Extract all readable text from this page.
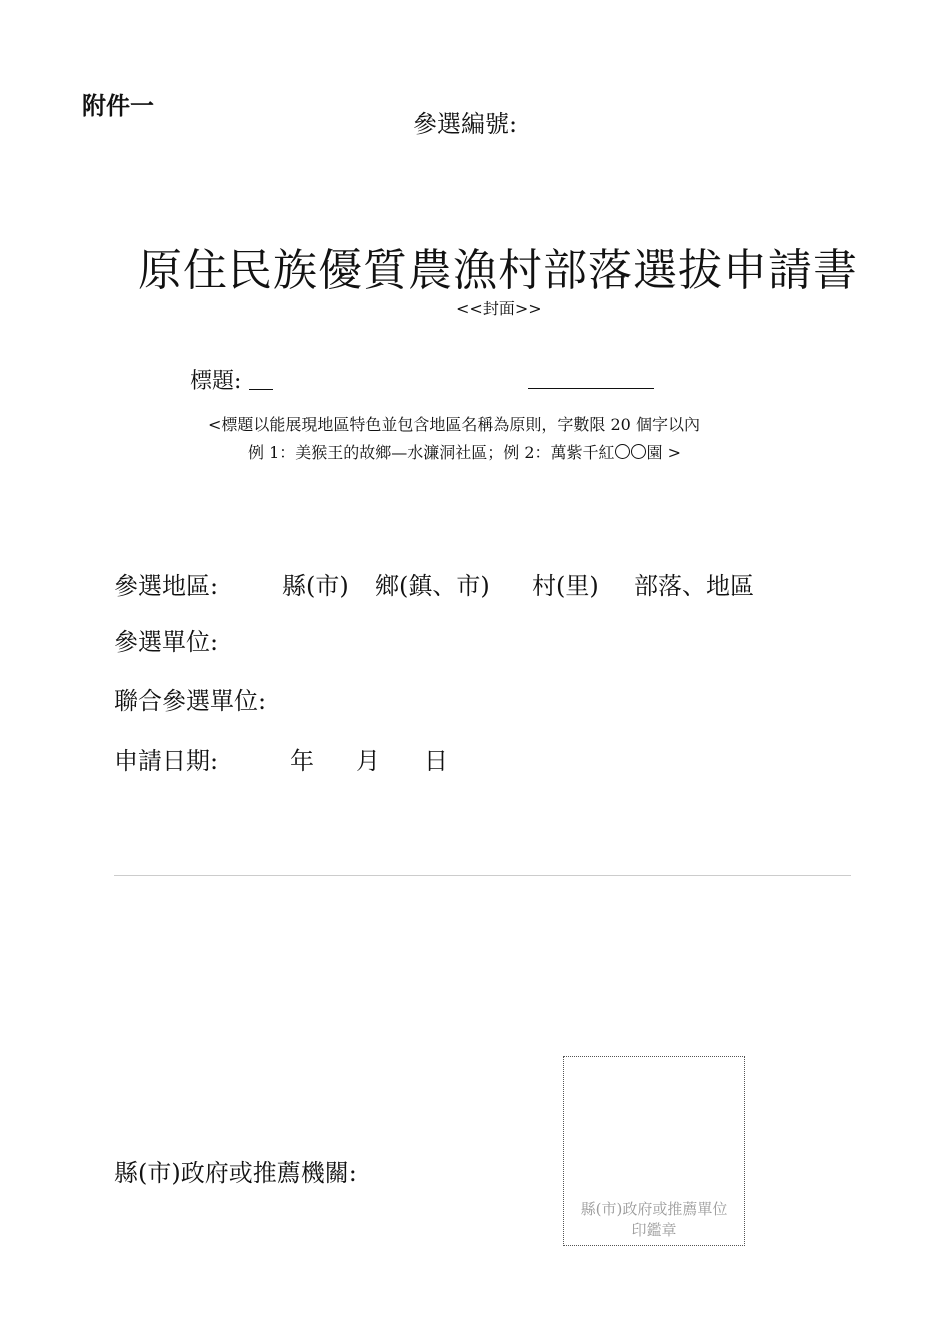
附件一
參選編號:
原住民族優質農漁村部落選拔申請書
<<封面>>
標題:
<標題以能展現地區特色並包含地區名稱為原則，字數限 20 個字以內
例 1：美猴王的故鄉—水濂洞社區；例 2：萬紫千紅 園 >
參選地區:	縣(市) 鄉(鎮、市) 村(里) 部落、地區
參選單位:
聯合參選單位:
申請日期:	年 月 日
縣(市)政府或推薦機關:
縣(市)政府或推薦單位
印鑑章
